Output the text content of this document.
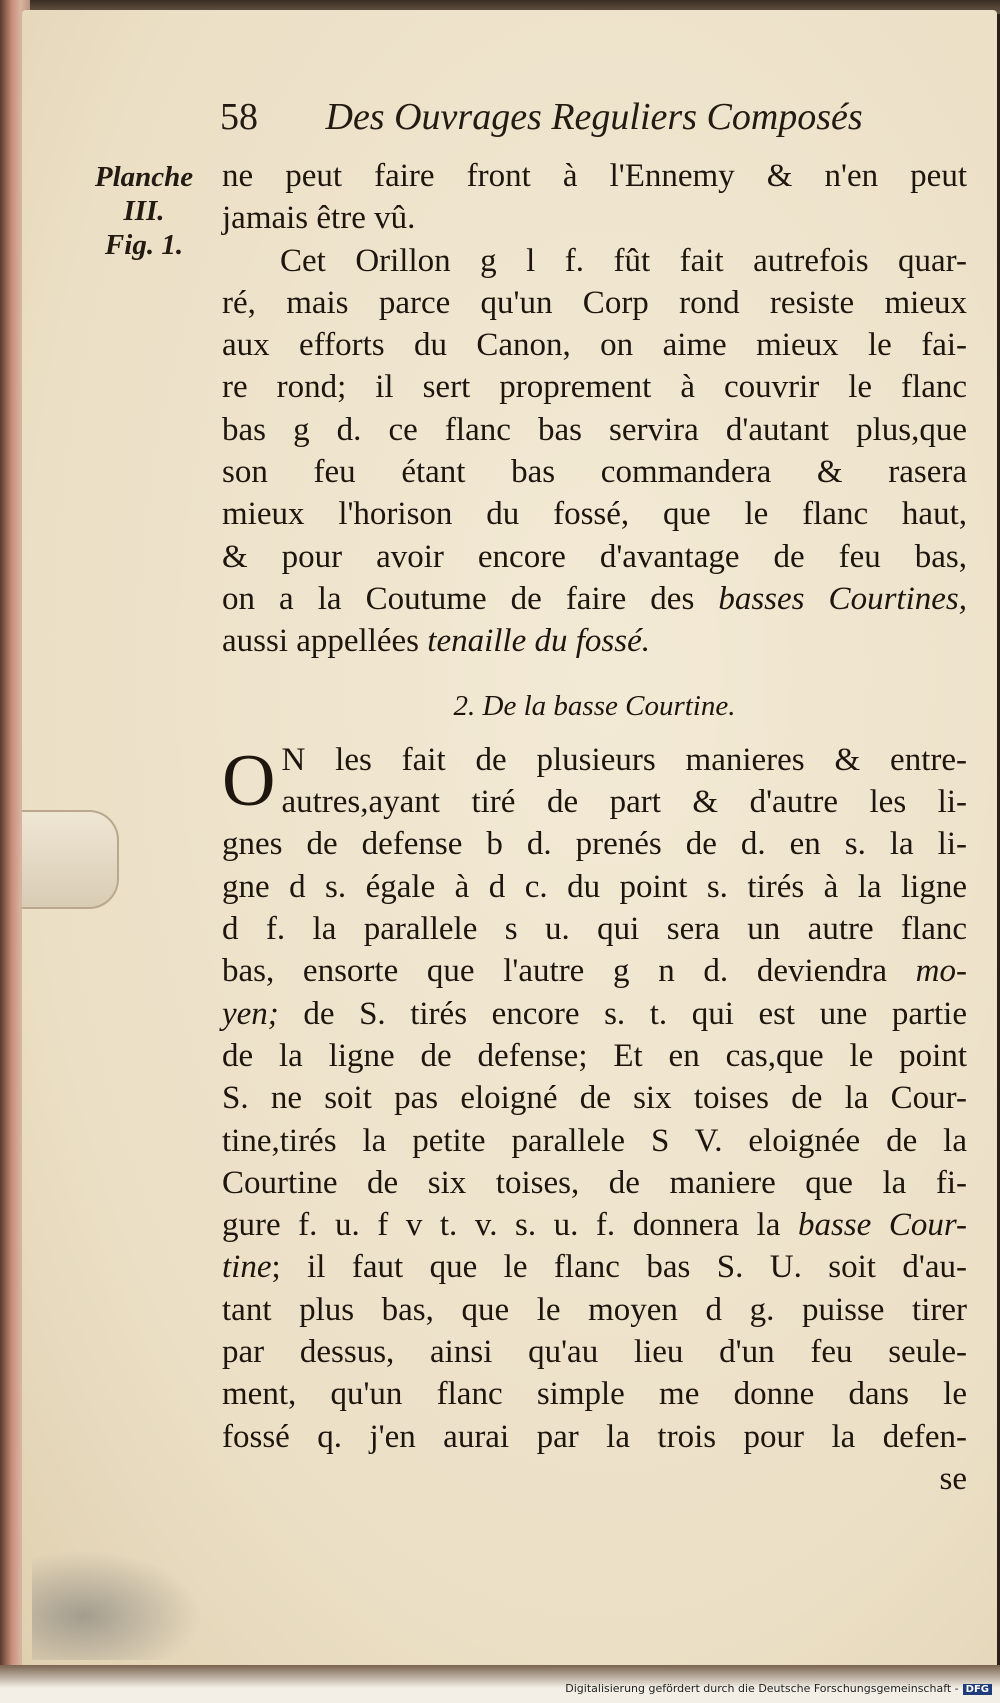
58 Des Ouvrages Reguliers Composés
Planche
III.
Fig. 1.
ne peut faire front à l'Ennemy & n'en peut
jamais être vû.
Cet Orillon g l f. fût fait autrefois quar-
ré, mais parce qu'un Corp rond resiste mieux
aux efforts du Canon, on aime mieux le fai-
re rond; il sert proprement à couvrir le flanc
bas g d. ce flanc bas servira d'autant plus,que
son feu étant bas commandera & rasera
mieux l'horison du fossé, que le flanc haut,
& pour avoir encore d'avantage de feu bas,
on a la Coutume de faire des basses Courtines,
aussi appellées tenaille du fossé.
2. De la basse Courtine.
O N les fait de plusieurs manieres & entre-
autres,ayant tiré de part & d'autre les li-
gnes de defense b d. prenés de d. en s. la li-
gne d s. égale à d c. du point s. tirés à la ligne
d f. la parallele s u. qui sera un autre flanc
bas, ensorte que l'autre g n d. deviendra mo-
yen; de S. tirés encore s. t. qui est une partie
de la ligne de defense; Et en cas,que le point
S. ne soit pas eloigné de six toises de la Cour-
tine,tirés la petite parallele S V. eloignée de la
Courtine de six toises, de maniere que la fi-
gure f. u. f v t. v. s. u. f. donnera la basse Cour-
tine; il faut que le flanc bas S. U. soit d'au-
tant plus bas, que le moyen d g. puisse tirer
par dessus, ainsi qu'au lieu d'un feu seule-
ment, qu'un flanc simple me donne dans le
fossé q. j'en aurai par la trois pour la defen-
se
Digitalisierung gefördert durch die Deutsche Forschungsgemeinschaft - DFG
